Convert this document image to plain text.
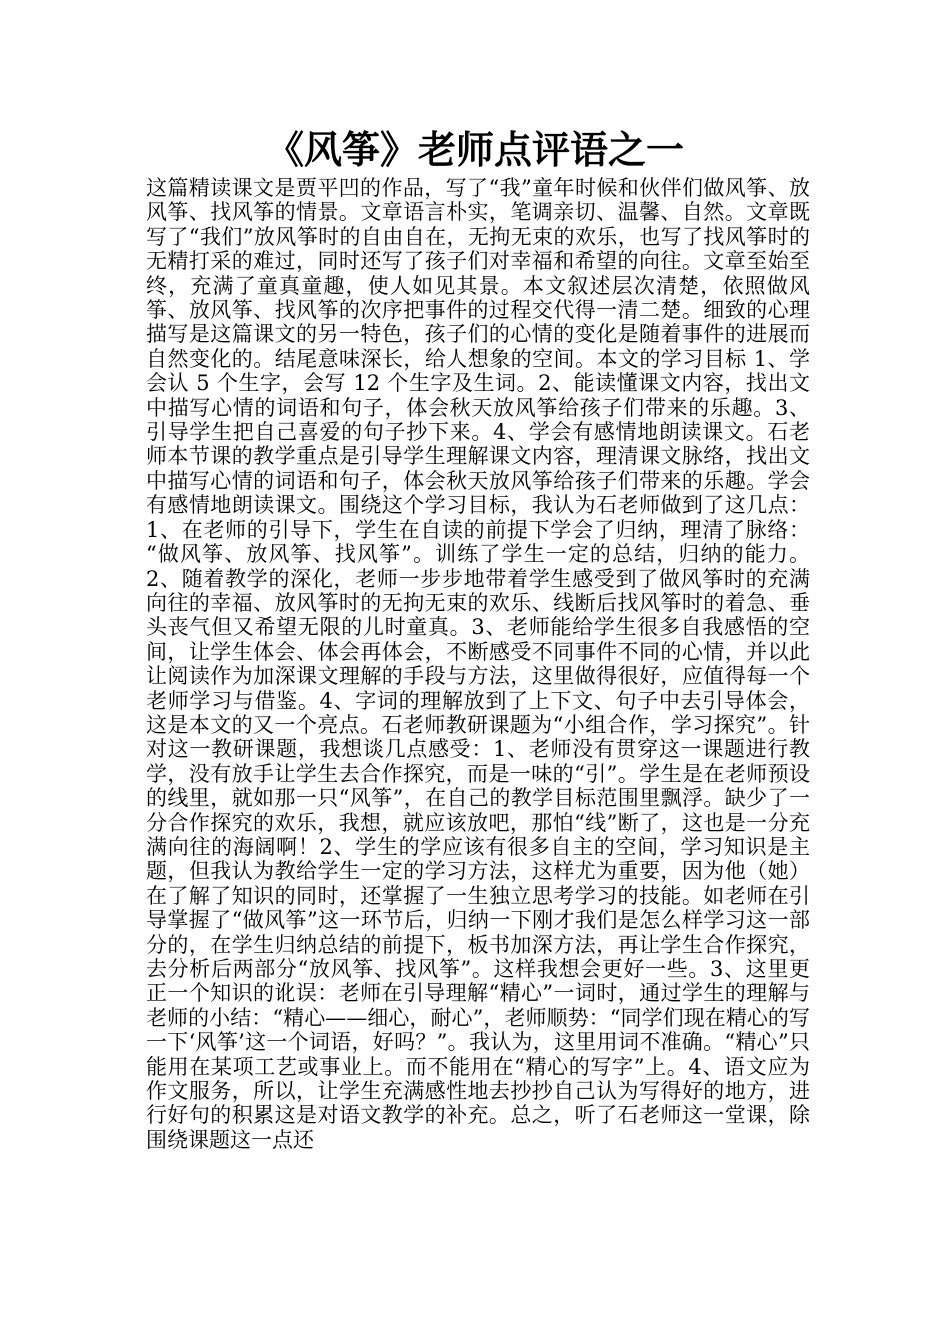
《风筝》老师点评语之一

这篇精读课文是贾平凹的作品，写了“我”童年时候和伙伴们做风筝、放风筝、找风筝的情景。文章语言朴实，笔调亲切、温馨、自然。文章既写了“我们”放风筝时的自由自在，无拘无束的欢乐，也写了找风筝时的无精打采的难过，同时还写了孩子们对幸福和希望的向往。文章至始至终，充满了童真童趣，使人如见其景。本文叙述层次清楚，依照做风筝、放风筝、找风筝的次序把事件的过程交代得一清二楚。细致的心理描写是这篇课文的另一特色，孩子们的心情的变化是随着事件的进展而自然变化的。结尾意味深长，给人想象的空间。本文的学习目标 1、学会认 5 个生字，会写 12 个生字及生词。2、能读懂课文内容，找出文中描写心情的词语和句子，体会秋天放风筝给孩子们带来的乐趣。3、引导学生把自己喜爱的句子抄下来。4、学会有感情地朗读课文。石老师本节课的教学重点是引导学生理解课文内容，理清课文脉络，找出文中描写心情的词语和句子，体会秋天放风筝给孩子们带来的乐趣。学会有感情地朗读课文。围绕这个学习目标，我认为石老师做到了这几点：1、在老师的引导下，学生在自读的前提下学会了归纳，理清了脉络： “做风筝、放风筝、找风筝”。训练了学生一定的总结，归纳的能力。2、随着教学的深化，老师一步步地带着学生感受到了做风筝时的充满向往的幸福、放风筝时的无拘无束的欢乐、线断后找风筝时的着急、垂头丧气但又希望无限的儿时童真。3、老师能给学生很多自我感悟的空间，让学生体会、体会再体会，不断感受不同事件不同的心情，并以此让阅读作为加深课文理解的手段与方法，这里做得很好，应值得每一个老师学习与借鉴。4、字词的理解放到了上下文、句子中去引导体会，这是本文的又一个亮点。石老师教研课题为“小组合作，学习探究”。针对这一教研课题，我想谈几点感受：1、老师没有贯穿这一课题进行教学，没有放手让学生去合作探究，而是一味的“引”。学生是在老师预设的线里，就如那一只“风筝”，在自己的教学目标范围里飘浮。缺少了一分合作探究的欢乐，我想，就应该放吧，那怕“线”断了，这也是一分充满向往的海阔啊！2、学生的学应该有很多自主的空间，学习知识是主题，但我认为教给学生一定的学习方法，这样尤为重要，因为他（她）在了解了知识的同时，还掌握了一生独立思考学习的技能。如老师在引导掌握了“做风筝”这一环节后，归纳一下刚才我们是怎么样学习这一部分的，在学生归纳总结的前提下，板书加深方法，再让学生合作探究，去分析后两部分“放风筝、找风筝”。这样我想会更好一些。3、这里更正一个知识的讹误：老师在引导理解“精心”一词时，通过学生的理解与老师的小结：“精心——细心，耐心”，老师顺势：“同学们现在精心的写一下‘风筝’这一个词语，好吗？”。我认为，这里用词不准确。“精心”只能用在某项工艺或事业上。而不能用在“精心的写字”上。4、语文应为作文服务，所以，让学生充满感性地去抄抄自己认为写得好的地方，进行好句的积累这是对语文教学的补充。总之，听了石老师这一堂课，除围绕课题这一点还
